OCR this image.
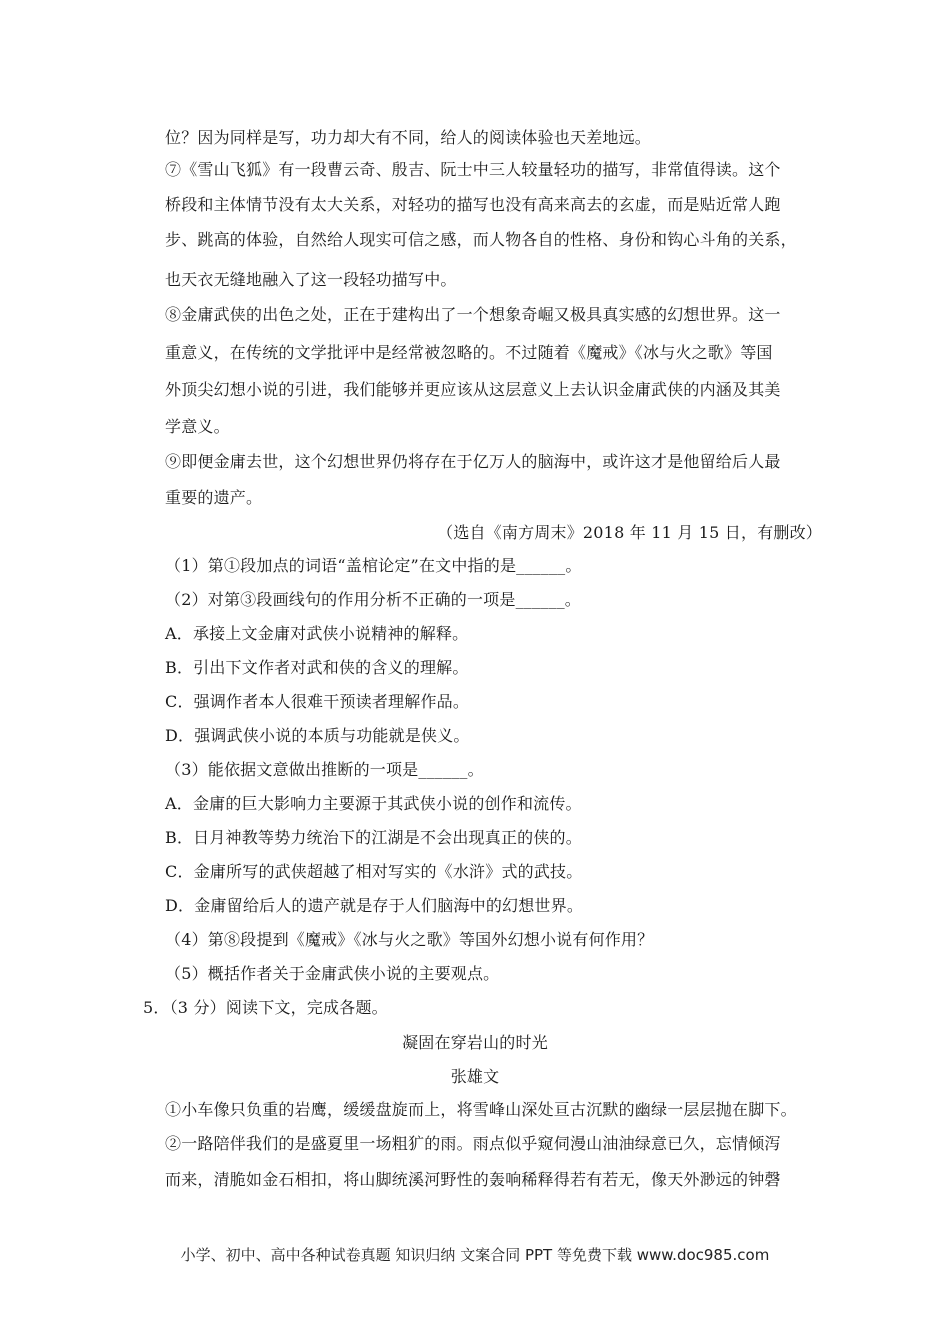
位？因为同样是写，功力却大有不同，给人的阅读体验也天差地远。
⑦《雪山飞狐》有一段曹云奇、殷吉、阮士中三人较量轻功的描写，非常值得读。这个
桥段和主体情节没有太大关系，对轻功的描写也没有高来高去的玄虚，而是贴近常人跑
步、跳高的体验，自然给人现实可信之感，而人物各自的性格、身份和钩心斗角的关系，
也天衣无缝地融入了这一段轻功描写中。
⑧金庸武侠的出色之处，正在于建构出了一个想象奇崛又极具真实感的幻想世界。这一
重意义，在传统的文学批评中是经常被忽略的。不过随着《魔戒》《冰与火之歌》等国
外顶尖幻想小说的引进，我们能够并更应该从这层意义上去认识金庸武侠的内涵及其美
学意义。
⑨即便金庸去世，这个幻想世界仍将存在于亿万人的脑海中，或许这才是他留给后人最
重要的遗产。
（选自《南方周末》2018 年 11 月 15 日，有删改）
（1）第①段加点的词语“盖棺论定”在文中指的是______。
（2）对第③段画线句的作用分析不正确的一项是______。
A．承接上文金庸对武侠小说精神的解释。
B．引出下文作者对武和侠的含义的理解。
C．强调作者本人很难干预读者理解作品。
D．强调武侠小说的本质与功能就是侠义。
（3）能依据文意做出推断的一项是______。
A．金庸的巨大影响力主要源于其武侠小说的创作和流传。
B．日月神教等势力统治下的江湖是不会出现真正的侠的。
C．金庸所写的武侠超越了相对写实的《水浒》式的武技。
D．金庸留给后人的遗产就是存于人们脑海中的幻想世界。
（4）第⑧段提到《魔戒》《冰与火之歌》等国外幻想小说有何作用？
（5）概括作者关于金庸武侠小说的主要观点。
5．（3 分）阅读下文，完成各题。
凝固在穿岩山的时光
张雄文
①小车像只负重的岩鹰，缓缓盘旋而上，将雪峰山深处亘古沉默的幽绿一层层抛在脚下。
②一路陪伴我们的是盛夏里一场粗犷的雨。雨点似乎窥伺漫山油油绿意已久，忘情倾泻
而来，清脆如金石相扣，将山脚统溪河野性的轰响稀释得若有若无，像天外渺远的钟磬
小学、初中、高中各种试卷真题 知识归纳 文案合同 PPT 等免费下载 www.doc985.com
